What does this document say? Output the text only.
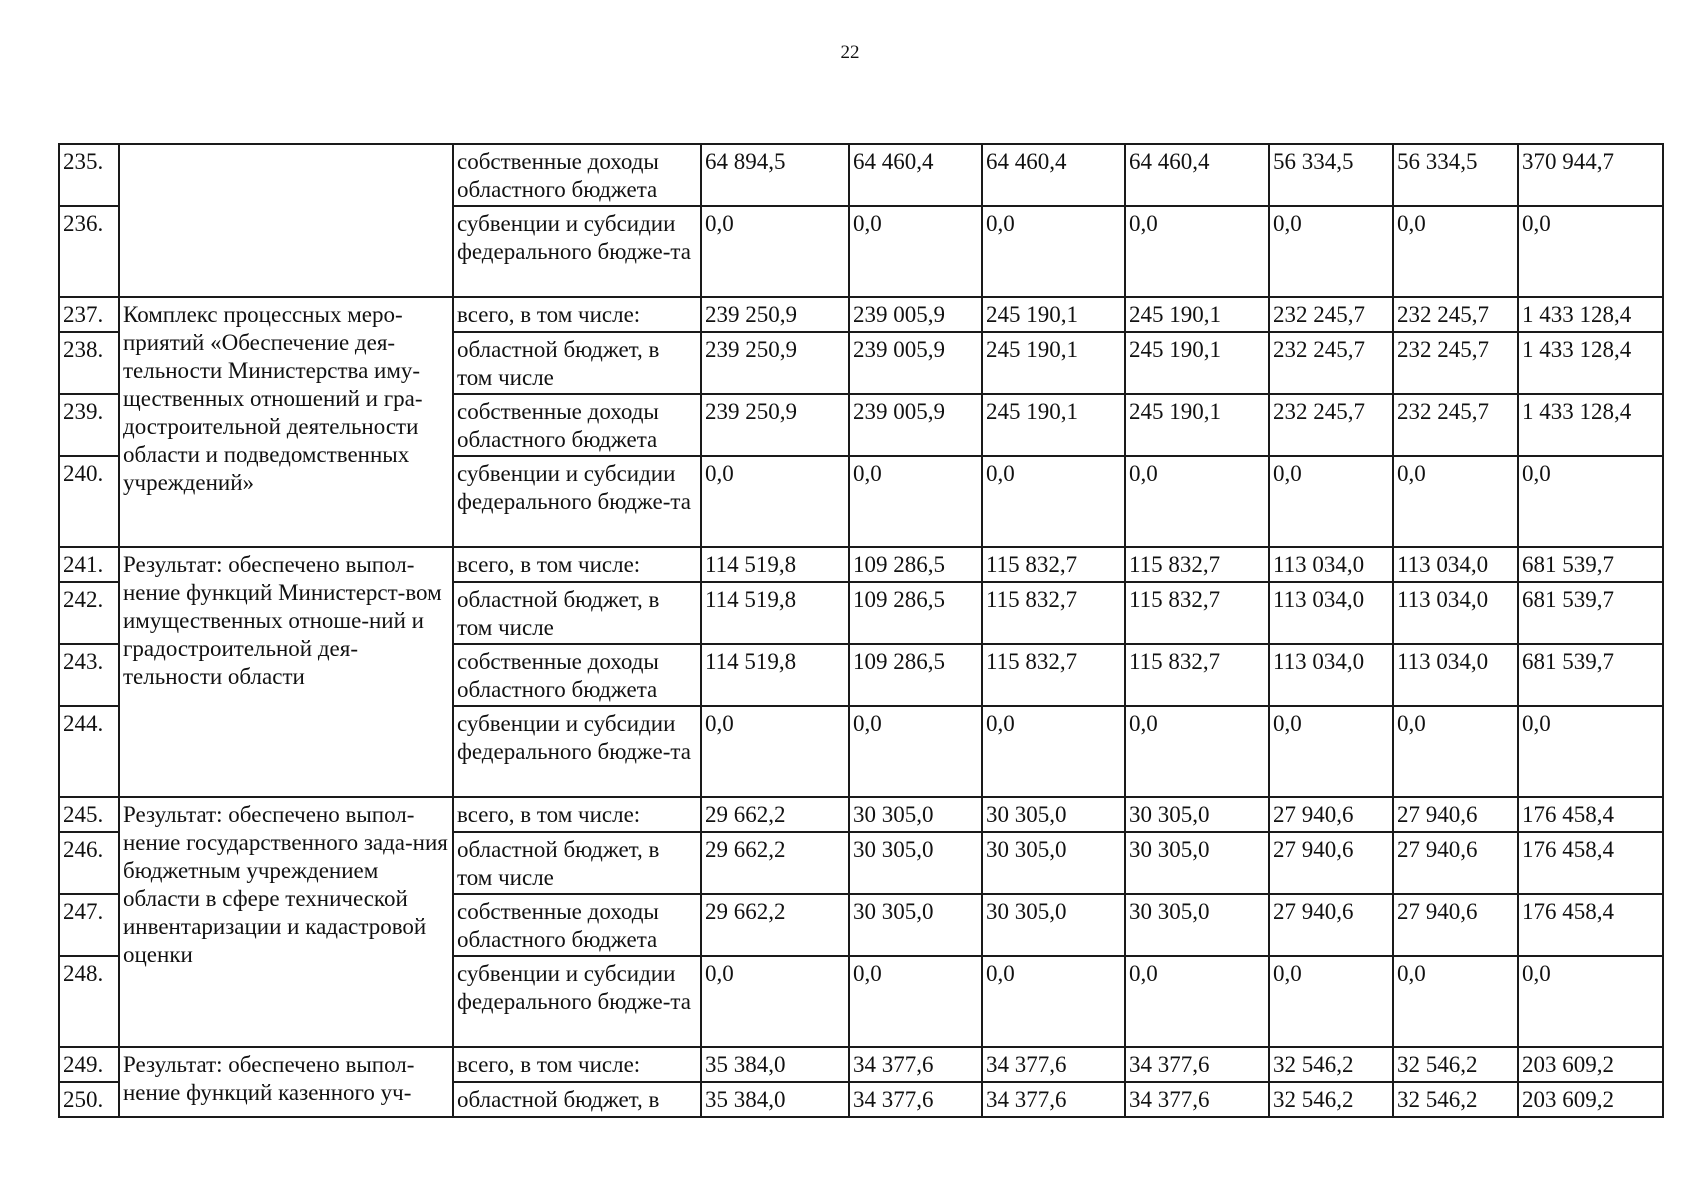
22
235.		собственные доходы областного бюджета	64 894,5	64 460,4	64 460,4	64 460,4	56 334,5	56 334,5	370 944,7
236.		субвенции и субсидии федерального бюдже-та	0,0	0,0	0,0	0,0	0,0	0,0	0,0
237.	Комплекс процессных меро-приятий «Обеспечение дея-тельности Министерства иму-щественных отношений и гра-достроительной деятельности области и подведомственных учреждений»	всего, в том числе:	239 250,9	239 005,9	245 190,1	245 190,1	232 245,7	232 245,7	1 433 128,4
238.		областной бюджет, в том числе	239 250,9	239 005,9	245 190,1	245 190,1	232 245,7	232 245,7	1 433 128,4
239.		собственные доходы областного бюджета	239 250,9	239 005,9	245 190,1	245 190,1	232 245,7	232 245,7	1 433 128,4
240.		субвенции и субсидии федерального бюдже-та	0,0	0,0	0,0	0,0	0,0	0,0	0,0
241.	Результат: обеспечено выпол-нение функций Министерст-вом имущественных отноше-ний и градостроительной дея-тельности области	всего, в том числе:	114 519,8	109 286,5	115 832,7	115 832,7	113 034,0	113 034,0	681 539,7
242.		областной бюджет, в том числе	114 519,8	109 286,5	115 832,7	115 832,7	113 034,0	113 034,0	681 539,7
243.		собственные доходы областного бюджета	114 519,8	109 286,5	115 832,7	115 832,7	113 034,0	113 034,0	681 539,7
244.		субвенции и субсидии федерального бюдже-та	0,0	0,0	0,0	0,0	0,0	0,0	0,0
245.	Результат: обеспечено выпол-нение государственного зада-ния бюджетным учреждением области в сфере технической инвентаризации и кадастровой оценки	всего, в том числе:	29 662,2	30 305,0	30 305,0	30 305,0	27 940,6	27 940,6	176 458,4
246.		областной бюджет, в том числе	29 662,2	30 305,0	30 305,0	30 305,0	27 940,6	27 940,6	176 458,4
247.		собственные доходы областного бюджета	29 662,2	30 305,0	30 305,0	30 305,0	27 940,6	27 940,6	176 458,4
248.		субвенции и субсидии федерального бюдже-та	0,0	0,0	0,0	0,0	0,0	0,0	0,0
249.	Результат: обеспечено выпол-нение функций казенного уч-	всего, в том числе:	35 384,0	34 377,6	34 377,6	34 377,6	32 546,2	32 546,2	203 609,2
250.		областной бюджет, в	35 384,0	34 377,6	34 377,6	34 377,6	32 546,2	32 546,2	203 609,2
